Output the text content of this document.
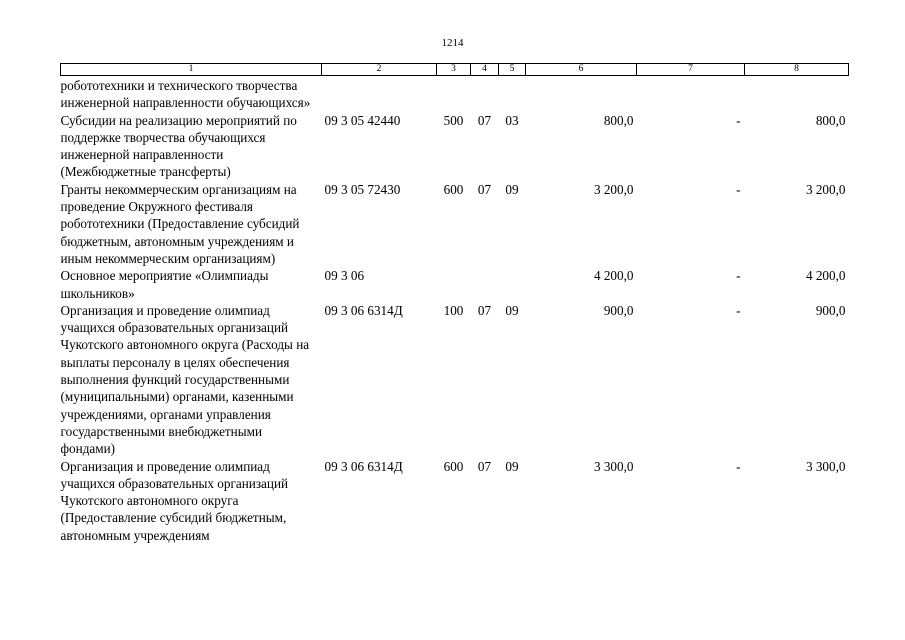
1214
1	2	3	4	5	6	7	8
робототехники и технического творчества инженерной направленности обучающихся»							
Субсидии на реализацию мероприятий по поддержке творчества обучающихся инженерной направленности (Межбюджетные трансферты)	09 3 05 42440	500	07	03	800,0	-	800,0
Гранты некоммерческим организациям на проведение Окружного фестиваля робототехники (Предоставление субсидий бюджетным, автономным учреждениям и иным некоммерческим организациям)	09 3 05 72430	600	07	09	3 200,0	-	3 200,0
Основное мероприятие «Олимпиады школьников»	09 3 06				4 200,0	-	4 200,0
Организация и проведение олимпиад учащихся образовательных организаций Чукотского автономного округа (Расходы на выплаты персоналу в целях обеспечения выполнения функций государственными (муниципальными) органами, казенными учреждениями, органами управления государственными внебюджетными фондами)	09 3 06 6314Д	100	07	09	900,0	-	900,0
Организация и проведение олимпиад учащихся образовательных организаций Чукотского автономного округа (Предоставление субсидий бюджетным, автономным учреждениям	09 3 06 6314Д	600	07	09	3 300,0	-	3 300,0
